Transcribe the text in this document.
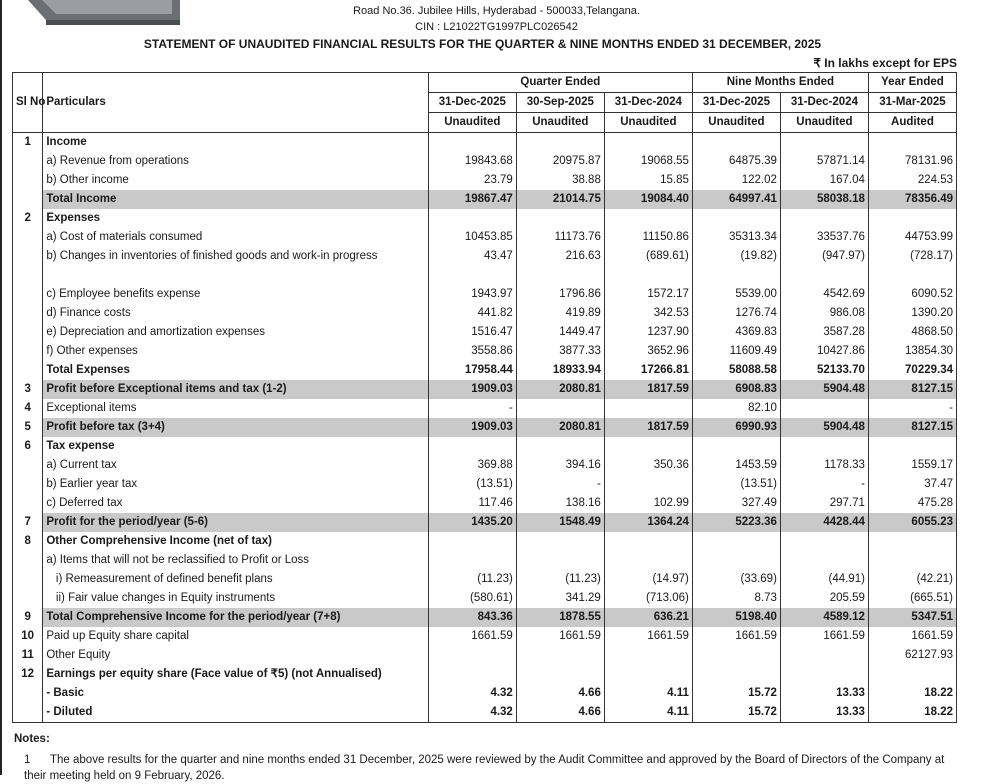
Road No.36. Jubilee Hills, Hyderabad - 500033,Telangana.
CIN : L21022TG1997PLC026542
STATEMENT OF UNAUDITED FINANCIAL RESULTS FOR THE QUARTER & NINE MONTHS ENDED 31 DECEMBER, 2025
₹ In lakhs except for EPS
Sl No	Particulars	Quarter Ended			Nine Months Ended		Year Ended
		31-Dec-2025	30-Sep-2025	31-Dec-2024	31-Dec-2025	31-Dec-2024	31-Mar-2025
		Unaudited	Unaudited	Unaudited	Unaudited	Unaudited	Audited
1	Income						
	a) Revenue from operations	19843.68	20975.87	19068.55	64875.39	57871.14	78131.96
	b) Other income	23.79	38.88	15.85	122.02	167.04	224.53
	Total Income	19867.47	21014.75	19084.40	64997.41	58038.18	78356.49
2	Expenses						
	a) Cost of materials consumed	10453.85	11173.76	11150.86	35313.34	33537.76	44753.99
	b) Changes in inventories of finished goods and work-in progress	43.47	216.63	(689.61)	(19.82)	(947.97)	(728.17)

	c) Employee benefits expense	1943.97	1796.86	1572.17	5539.00	4542.69	6090.52
	d) Finance costs	441.82	419.89	342.53	1276.74	986.08	1390.20
	e) Depreciation and amortization expenses	1516.47	1449.47	1237.90	4369.83	3587.28	4868.50
	f) Other expenses	3558.86	3877.33	3652.96	11609.49	10427.86	13854.30
	Total Expenses	17958.44	18933.94	17266.81	58088.58	52133.70	70229.34
3	Profit before Exceptional items and tax (1-2)	1909.03	2080.81	1817.59	6908.83	5904.48	8127.15
4	Exceptional items	-			82.10		-
5	Profit before tax (3+4)	1909.03	2080.81	1817.59	6990.93	5904.48	8127.15
6	Tax expense						
	a) Current tax	369.88	394.16	350.36	1453.59	1178.33	1559.17
	b) Earlier year tax	(13.51)	-		(13.51)	-	37.47
	c) Deferred tax	117.46	138.16	102.99	327.49	297.71	475.28
7	Profit for the period/year (5-6)	1435.20	1548.49	1364.24	5223.36	4428.44	6055.23
8	Other Comprehensive Income (net of tax)						
	a) Items that will not be reclassified to Profit or Loss						
	i) Remeasurement of defined benefit plans	(11.23)	(11.23)	(14.97)	(33.69)	(44.91)	(42.21)
	ii) Fair value changes in Equity instruments	(580.61)	341.29	(713.06)	8.73	205.59	(665.51)
9	Total Comprehensive Income for the period/year (7+8)	843.36	1878.55	636.21	5198.40	4589.12	5347.51
10	Paid up Equity share capital	1661.59	1661.59	1661.59	1661.59	1661.59	1661.59
11	Other Equity						62127.93
12	Earnings per equity share (Face value of ₹5) (not Annualised)						
	- Basic	4.32	4.66	4.11	15.72	13.33	18.22
	- Diluted	4.32	4.66	4.11	15.72	13.33	18.22
Notes:
1 The above results for the quarter and nine months ended 31 December, 2025 were reviewed by the Audit Committee and approved by the Board of Directors of the Company at their meeting held on 9 February, 2026.
